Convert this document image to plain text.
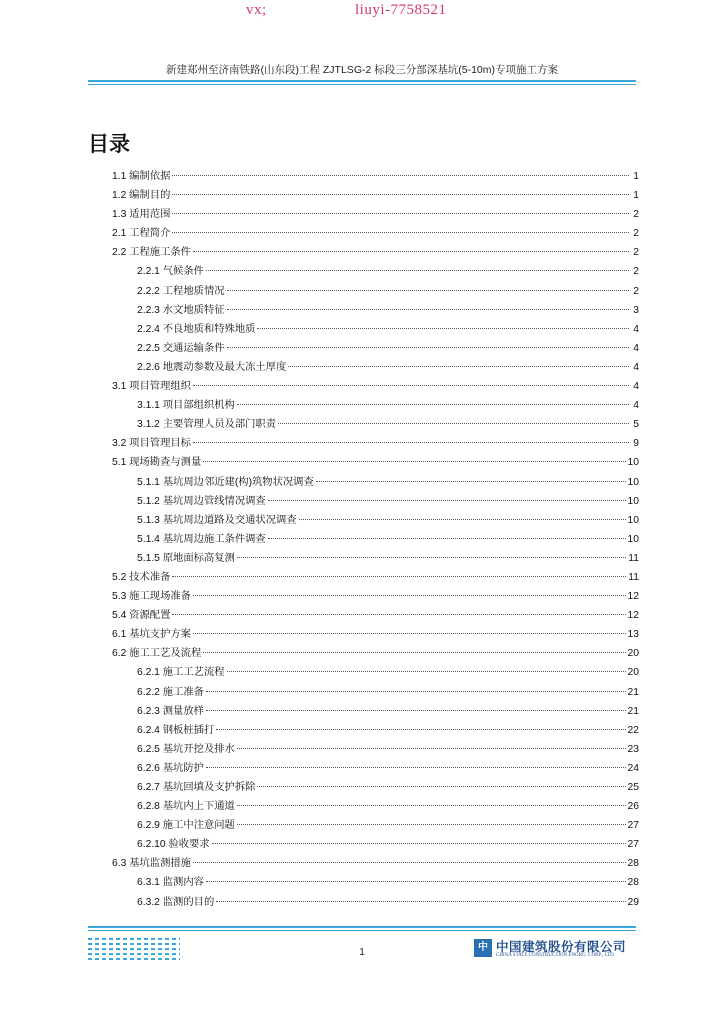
vx;	liuyi-7758521
新建郑州至济南铁路(山东段)工程 ZJTLSG-2 标段三分部深基坑(5-10m)专项施工方案
目录
1.1 编制依据	1
1.2 编制目的	1
1.3 适用范围	2
2.1 工程简介	2
2.2 工程施工条件	2
2.2.1 气候条件	2
2.2.2 工程地质情况	2
2.2.3 水文地质特征	3
2.2.4 不良地质和特殊地质	4
2.2.5 交通运输条件	4
2.2.6 地震动参数及最大冻土厚度	4
3.1 项目管理组织	4
3.1.1 项目部组织机构	4
3.1.2 主要管理人员及部门职责	5
3.2 项目管理目标	9
5.1 现场勘查与测量	10
5.1.1 基坑周边邻近建(构)筑物状况调查	10
5.1.2 基坑周边管线情况调查	10
5.1.3 基坑周边道路及交通状况调查	10
5.1.4 基坑周边施工条件调查	10
5.1.5 原地面标高复测	11
5.2 技术准备	11
5.3 施工现场准备	12
5.4 资源配置	12
6.1 基坑支护方案	13
6.2 施工工艺及流程	20
6.2.1 施工工艺流程	20
6.2.2 施工准备	21
6.2.3 测量放样	21
6.2.4 钢板桩插打	22
6.2.5 基坑开挖及排水	23
6.2.6 基坑防护	24
6.2.7 基坑回填及支护拆除	25
6.2.8 基坑内上下通道	26
6.2.9 施工中注意问题	27
6.2.10 验收要求	27
6.3 基坑监测措施	28
6.3.1 监测内容	28
6.3.2 监测的目的	29
1	中建
中国建筑股份有限公司
CHINA STATE CONSTRUCTION ENGRG. CORP., LTD
